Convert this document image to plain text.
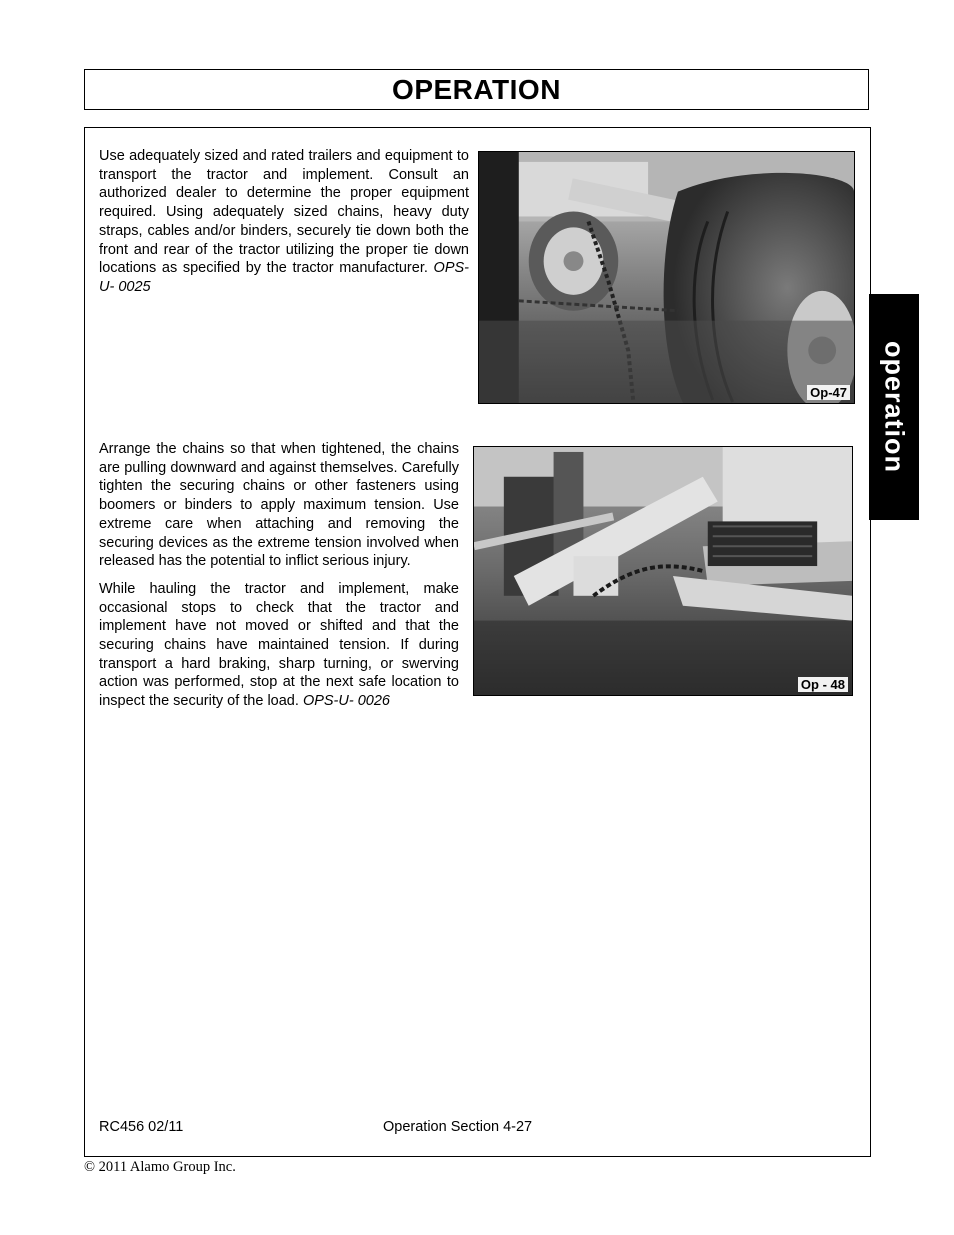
OPERATION
operation

Use adequately sized and rated trailers and equipment to transport the tractor and implement. Consult an authorized dealer to determine the proper equipment required. Using adequately sized chains, heavy duty straps, cables and/or binders, securely tie down both the front and rear of the tractor utilizing the proper tie down locations as specified by the tractor manufacturer. OPS-U- 0025

Op-47

Arrange the chains so that when tightened, the chains are pulling downward and against themselves. Carefully tighten the securing chains or other fasteners using boomers or binders to apply maximum tension. Use extreme care when attaching and removing the securing devices as the extreme tension involved when released has the potential to inflict serious injury.

While hauling the tractor and implement, make occasional stops to check that the tractor and implement have not moved or shifted and that the securing chains have maintained tension. If during transport a hard braking, sharp turning, or swerving action was performed, stop at the next safe location to inspect the security of the load. OPS-U- 0026

Op - 48
RC456 02/11	Operation Section 4-27
© 2011 Alamo Group Inc.
